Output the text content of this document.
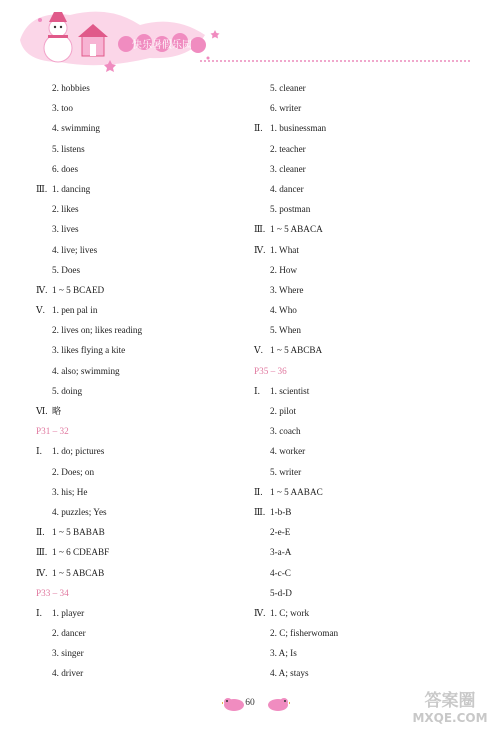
快乐暑假乐园
2. hobbies
3. too
4. swimming
5. listens
6. does
Ⅲ. 1. dancing
2. likes
3. lives
4. live; lives
5. Does
Ⅳ. 1 ~ 5 BCAED
Ⅴ. 1. pen pal in
2. lives on; likes reading
3. likes flying a kite
4. also; swimming
5. doing
Ⅵ. 略
P31 – 32
Ⅰ. 1. do; pictures
2. Does; on
3. his; He
4. puzzles; Yes
Ⅱ. 1 ~ 5 BABAB
Ⅲ. 1 ~ 6 CDEABF
Ⅳ. 1 ~ 5 ABCAB
P33 – 34
Ⅰ. 1. player
2. dancer
3. singer
4. driver
5. cleaner
6. writer
Ⅱ. 1. businessman
2. teacher
3. cleaner
4. dancer
5. postman
Ⅲ. 1 ~ 5 ABACA
Ⅳ. 1. What
2. How
3. Where
4. Who
5. When
Ⅴ. 1 ~ 5 ABCBA
P35 – 36
Ⅰ. 1. scientist
2. pilot
3. coach
4. worker
5. writer
Ⅱ. 1 ~ 5 AABAC
Ⅲ. 1-b-B
2-e-E
3-a-A
4-c-C
5-d-D
Ⅳ. 1. C; work
2. C; fisherwoman
3. A; Is
4. A; stays
60	答案圈
MXQE.COM
